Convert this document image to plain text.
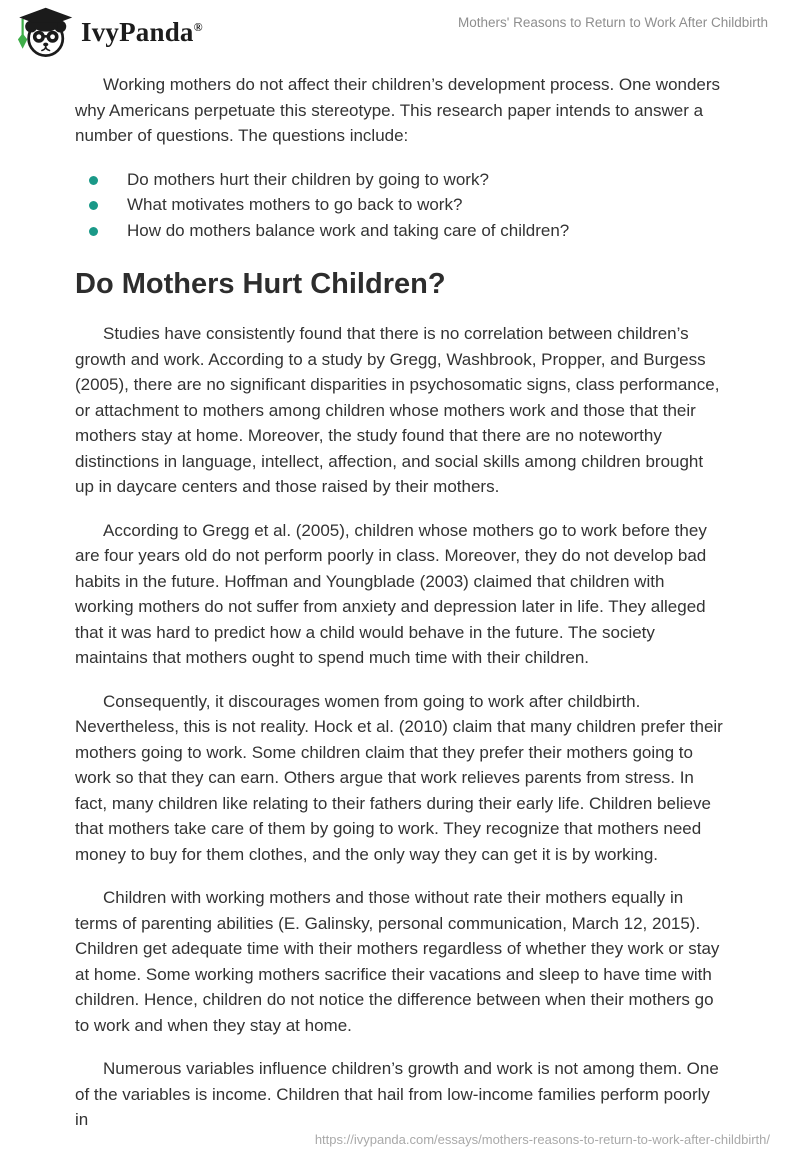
IvyPanda®	Mothers' Reasons to Return to Work After Childbirth

Working mothers do not affect their children’s development process. One wonders why Americans perpetuate this stereotype. This research paper intends to answer a number of questions. The questions include:

Do mothers hurt their children by going to work?
What motivates mothers to go back to work?
How do mothers balance work and taking care of children?
Do Mothers Hurt Children?

Studies have consistently found that there is no correlation between children’s growth and work. According to a study by Gregg, Washbrook, Propper, and Burgess (2005), there are no significant disparities in psychosomatic signs, class performance, or attachment to mothers among children whose mothers work and those that their mothers stay at home. Moreover, the study found that there are no noteworthy distinctions in language, intellect, affection, and social skills among children brought up in daycare centers and those raised by their mothers.

According to Gregg et al. (2005), children whose mothers go to work before they are four years old do not perform poorly in class. Moreover, they do not develop bad habits in the future. Hoffman and Youngblade (2003) claimed that children with working mothers do not suffer from anxiety and depression later in life. They alleged that it was hard to predict how a child would behave in the future. The society maintains that mothers ought to spend much time with their children.

Consequently, it discourages women from going to work after childbirth. Nevertheless, this is not reality. Hock et al. (2010) claim that many children prefer their mothers going to work. Some children claim that they prefer their mothers going to work so that they can earn. Others argue that work relieves parents from stress. In fact, many children like relating to their fathers during their early life. Children believe that mothers take care of them by going to work. They recognize that mothers need money to buy for them clothes, and the only way they can get it is by working.

Children with working mothers and those without rate their mothers equally in terms of parenting abilities (E. Galinsky, personal communication, March 12, 2015). Children get adequate time with their mothers regardless of whether they work or stay at home. Some working mothers sacrifice their vacations and sleep to have time with children. Hence, children do not notice the difference between when their mothers go to work and when they stay at home.

Numerous variables influence children’s growth and work is not among them. One of the variables is income. Children that hail from low-income families perform poorly in

https://ivypanda.com/essays/mothers-reasons-to-return-to-work-after-childbirth/
